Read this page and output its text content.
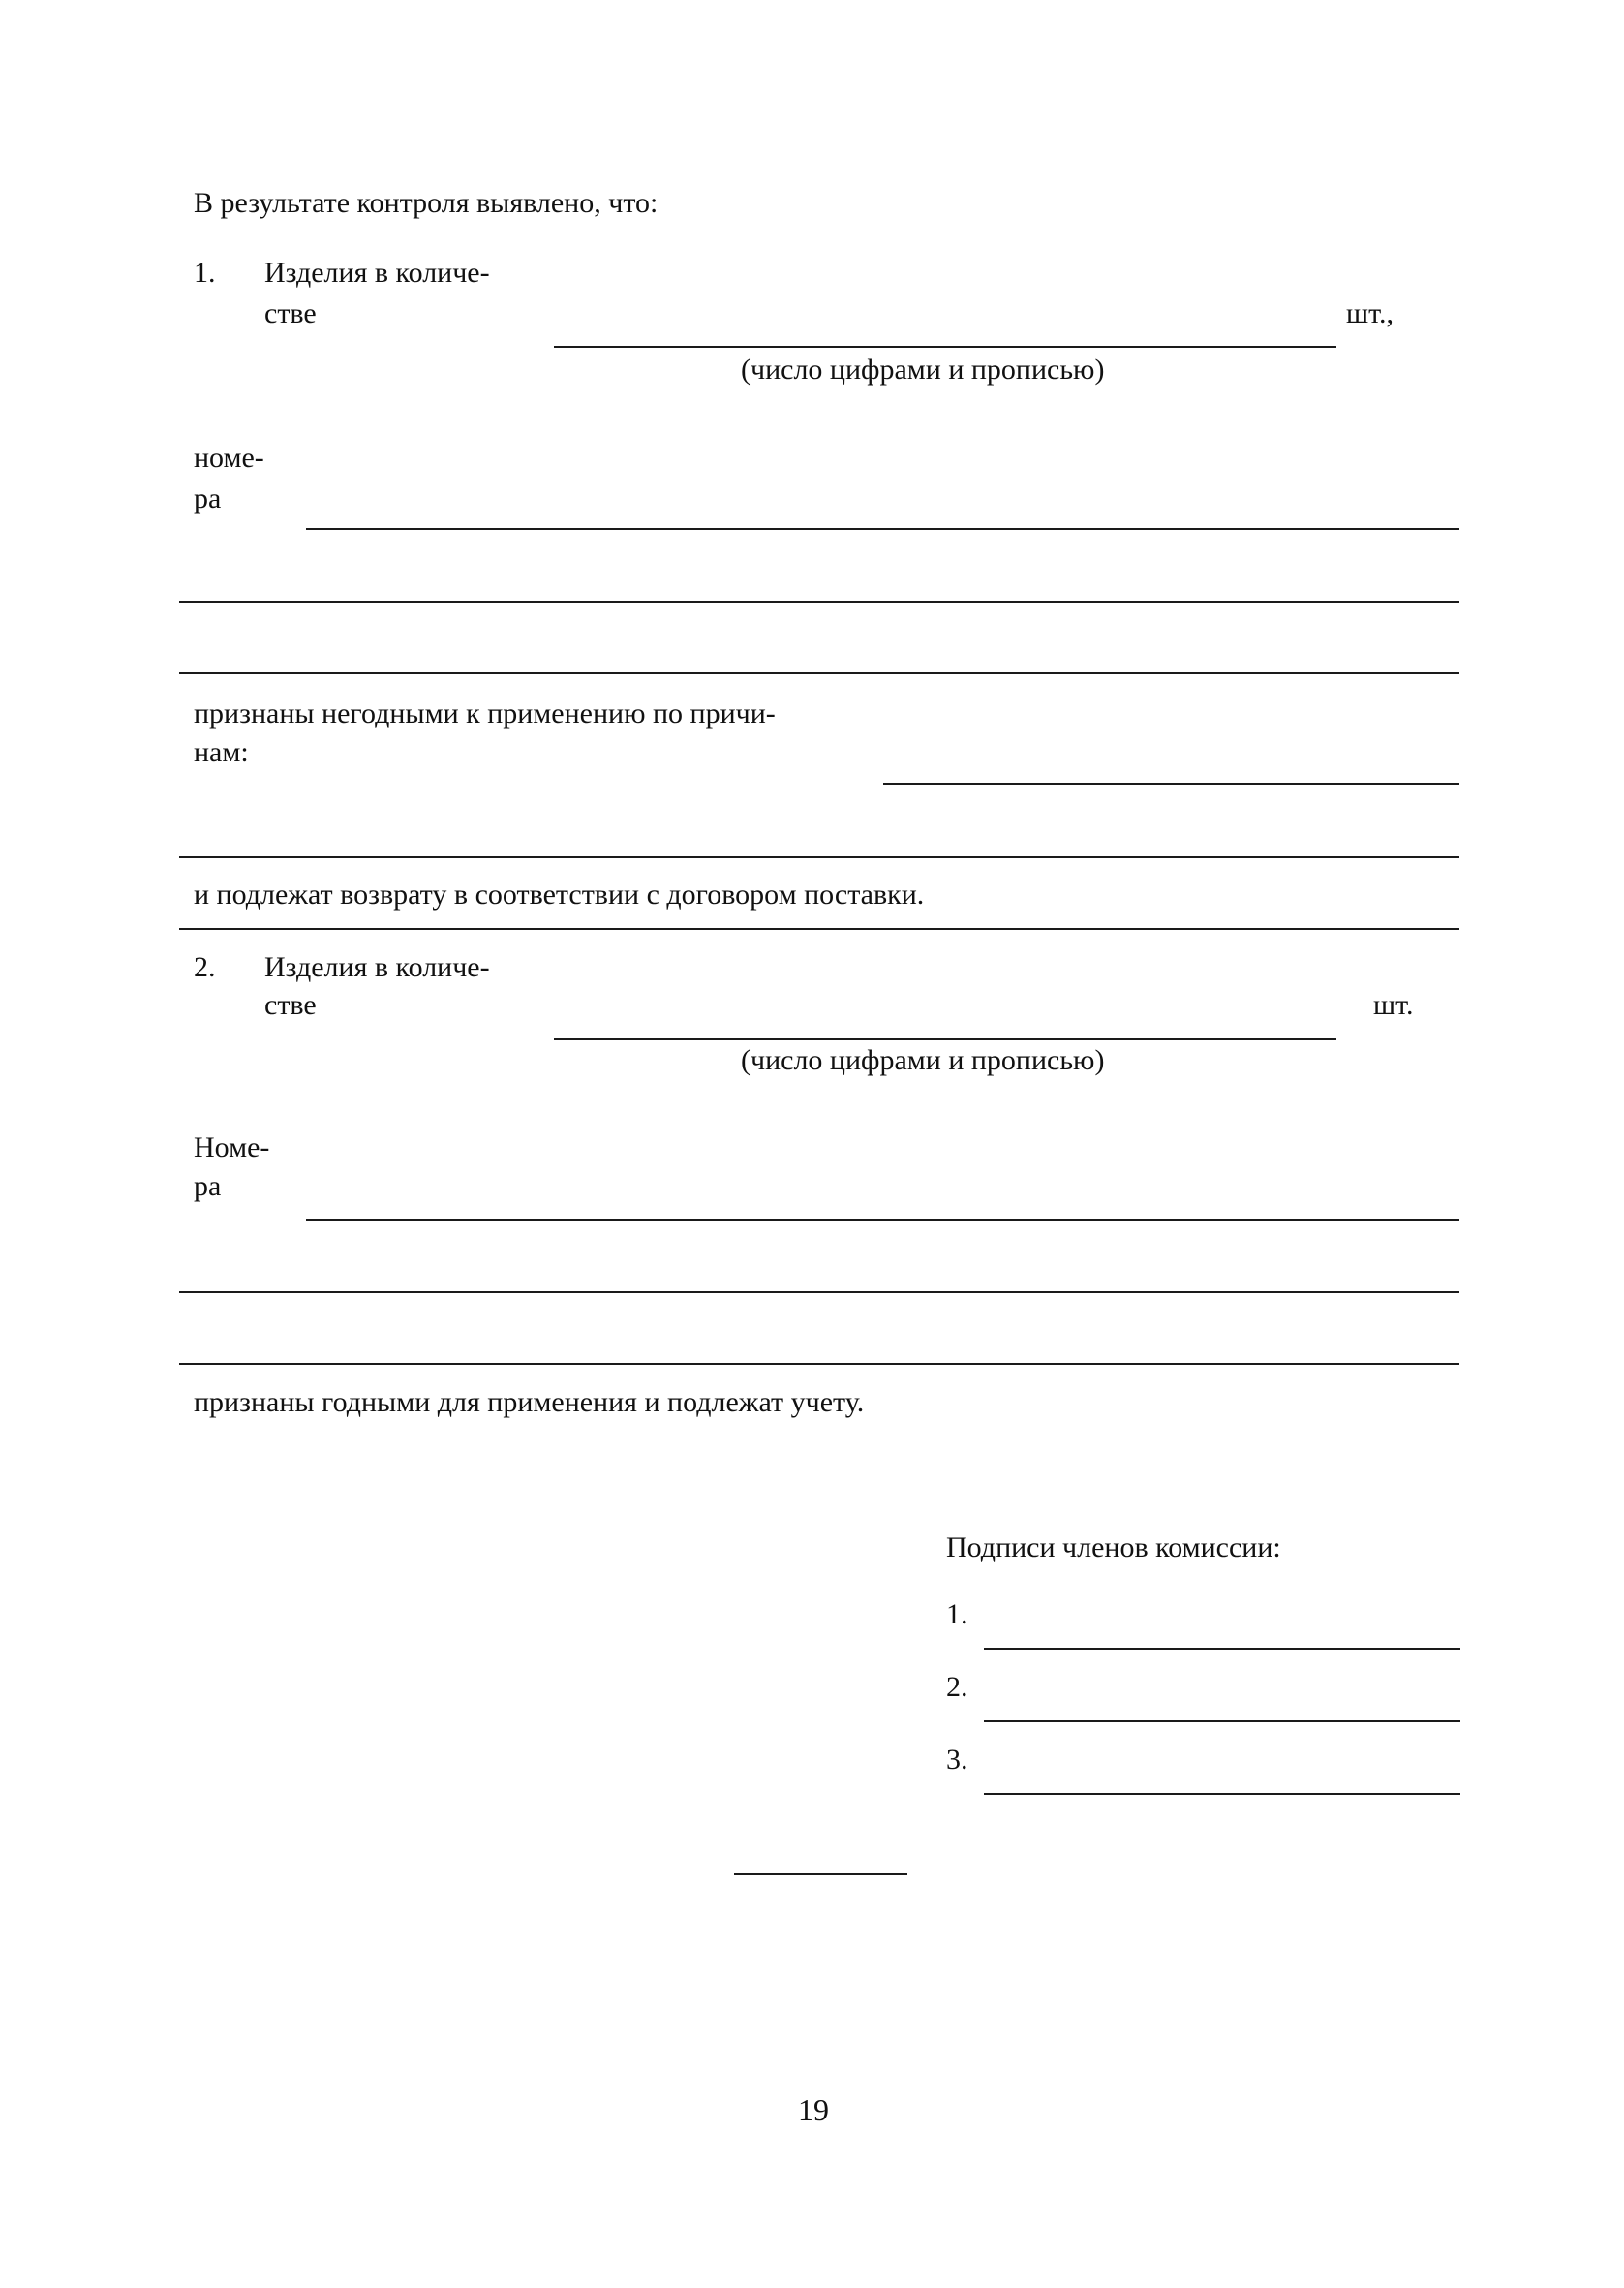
В результате контроля выявлено, что:
1. Изделия в количе-
стве	шт.,
(число цифрами и прописью)
номе-
ра
признаны негодными к применению по причи-
нам:
и подлежат возврату в соответствии с договором поставки.
2. Изделия в количе-
стве	шт.
(число цифрами и прописью)
Номе-
ра
признаны годными для применения и подлежат учету.
Подписи членов комиссии:
1.
2.
3.
19
